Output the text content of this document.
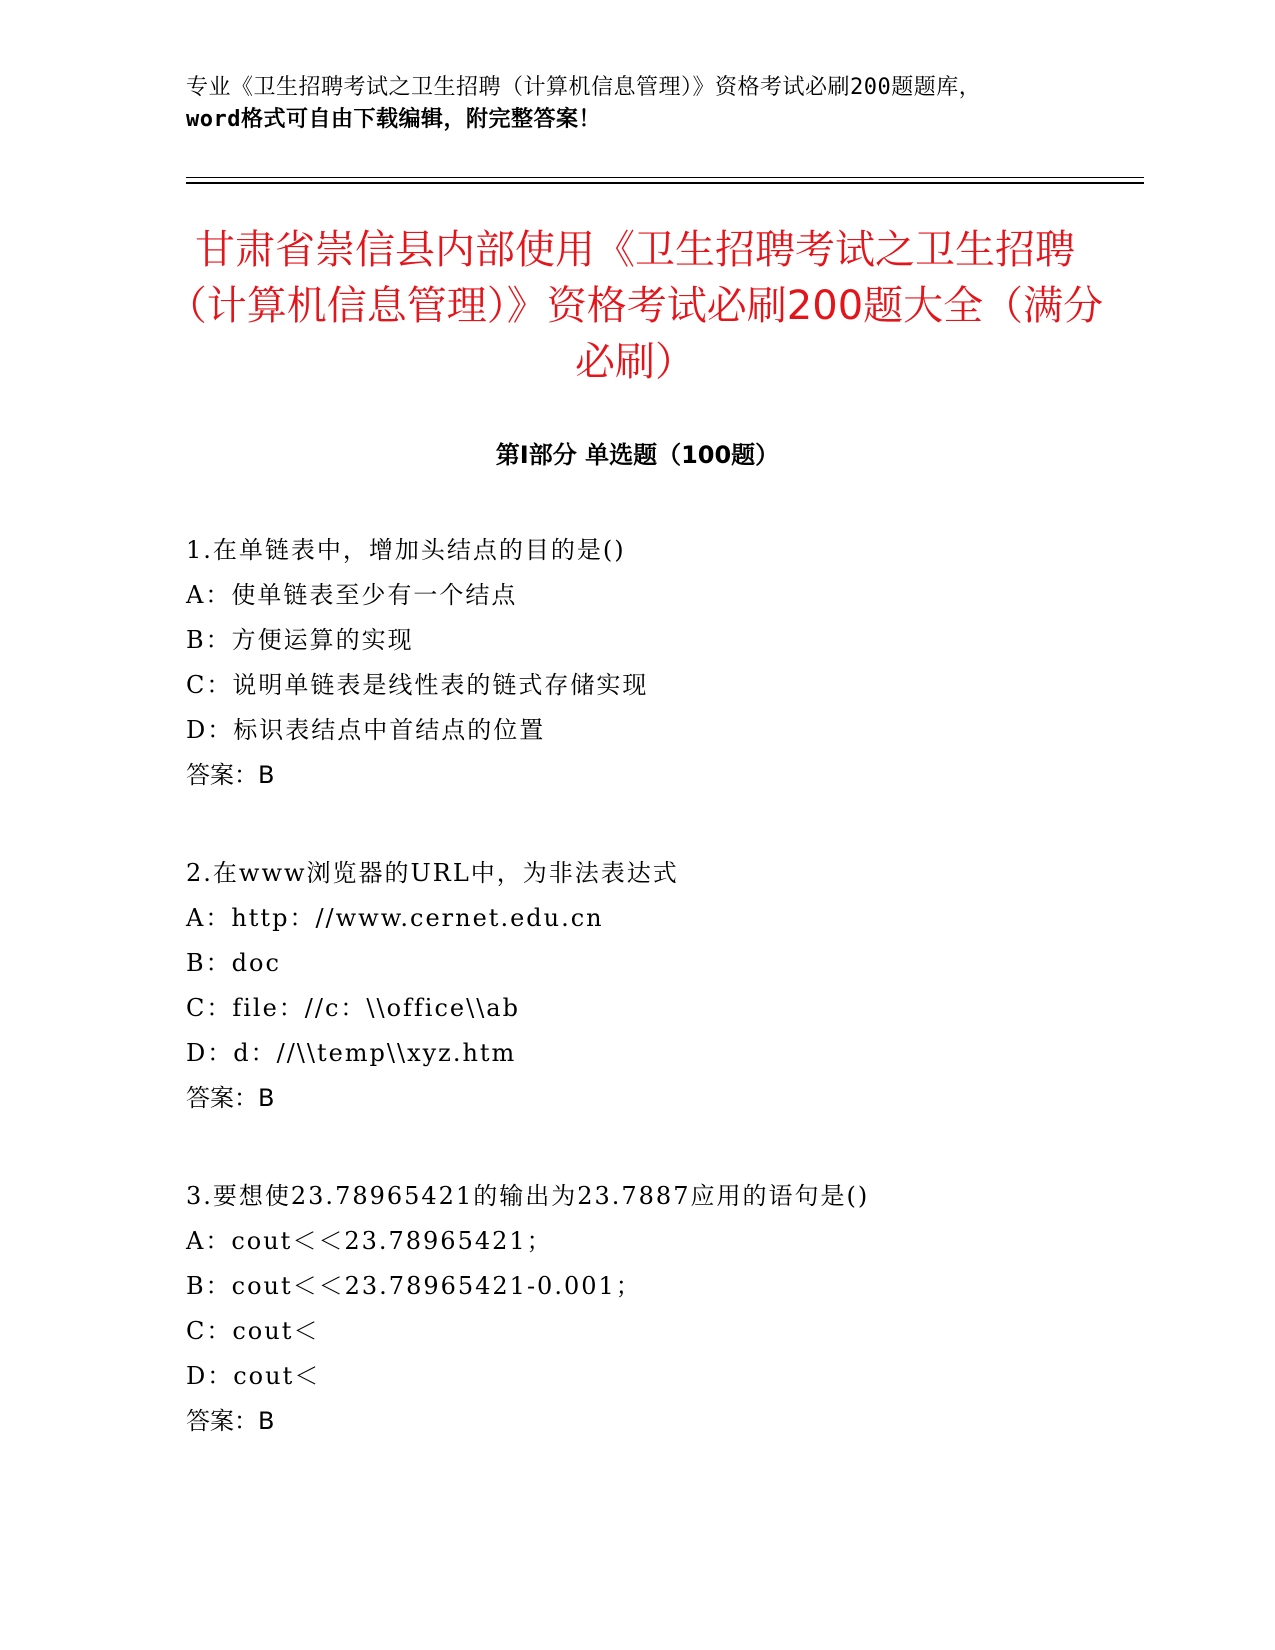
专业《卫生招聘考试之卫生招聘（计算机信息管理）》资格考试必刷200题题库，
word格式可自由下载编辑，附完整答案！
甘肃省崇信县内部使用《卫生招聘考试之卫生招聘（计算机信息管理）》资格考试必刷200题大全（满分必刷）
第Ⅰ部分 单选题（100题）
1.在单链表中，增加头结点的目的是()
A：使单链表至少有一个结点
B：方便运算的实现
C：说明单链表是线性表的链式存储实现
D：标识表结点中首结点的位置
答案：B
2.在www浏览器的URL中，为非法表达式
A：http：//www.cernet.edu.cn
B：doc
C：file：//c：\\office\\ab
D：d：//\\temp\\xyz.htm
答案：B
3.要想使23.78965421的输出为23.7887应用的语句是()
A：cout＜＜23.78965421；
B：cout＜＜23.78965421-0.001；
C：cout＜
D：cout＜
答案：B
